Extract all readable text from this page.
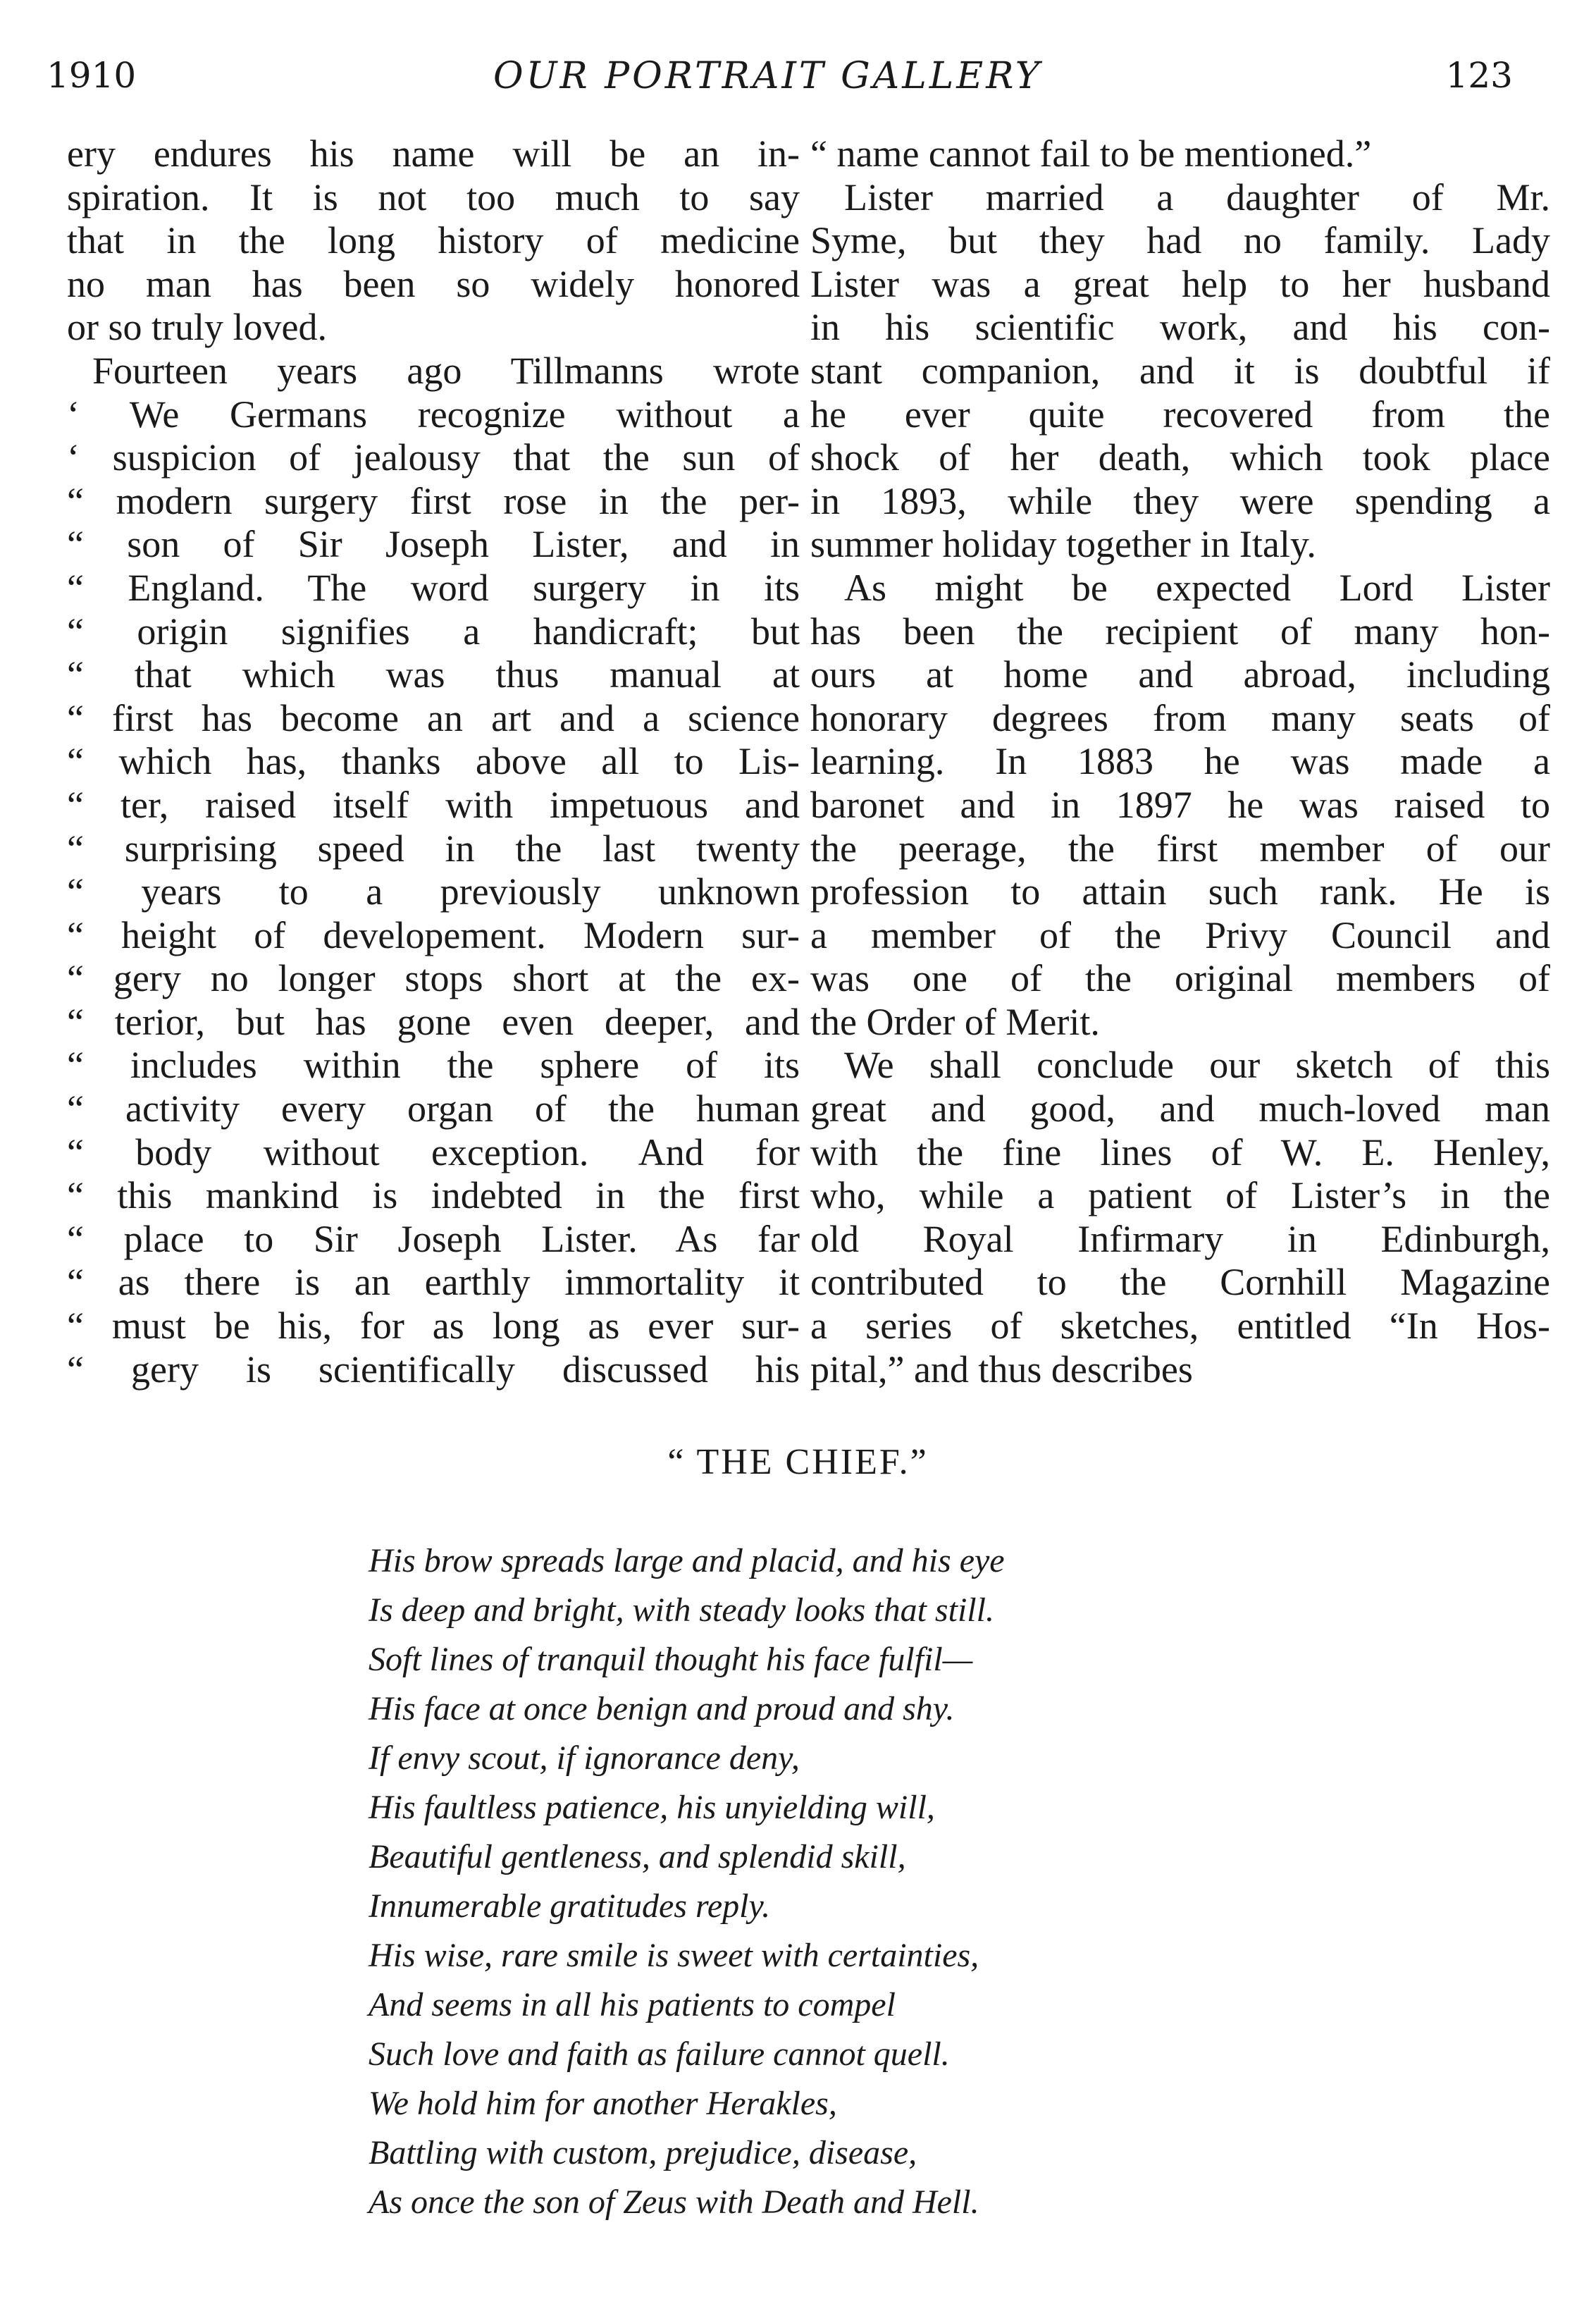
1910	OUR PORTRAIT GALLERY	123
ery endures his name will be an in-
spiration. It is not too much to say
that in the long history of medicine
no man has been so widely honored
or so truly loved.
Fourteen years ago Tillmanns wrote
‘ We Germans recognize without a
‘ suspicion of jealousy that the sun of
“ modern surgery first rose in the per-
“ son of Sir Joseph Lister, and in
“ England. The word surgery in its
“ origin signifies a handicraft; but
“ that which was thus manual at
“ first has become an art and a science
“ which has, thanks above all to Lis-
“ ter, raised itself with impetuous and
“ surprising speed in the last twenty
“ years to a previously unknown
“ height of developement. Modern sur-
“ gery no longer stops short at the ex-
“ terior, but has gone even deeper, and
“ includes within the sphere of its
“ activity every organ of the human
“ body without exception. And for
“ this mankind is indebted in the first
“ place to Sir Joseph Lister. As far
“ as there is an earthly immortality it
“ must be his, for as long as ever sur-
“ gery is scientifically discussed his
“ name cannot fail to be mentioned.”
Lister married a daughter of Mr.
Syme, but they had no family. Lady
Lister was a great help to her husband
in his scientific work, and his con-
stant companion, and it is doubtful if
he ever quite recovered from the
shock of her death, which took place
in 1893, while they were spending a
summer holiday together in Italy.
As might be expected Lord Lister
has been the recipient of many hon-
ours at home and abroad, including
honorary degrees from many seats of
learning. In 1883 he was made a
baronet and in 1897 he was raised to
the peerage, the first member of our
profession to attain such rank. He is
a member of the Privy Council and
was one of the original members of
the Order of Merit.
We shall conclude our sketch of this
great and good, and much-loved man
with the fine lines of W. E. Henley,
who, while a patient of Lister’s in the
old Royal Infirmary in Edinburgh,
contributed to the Cornhill Magazine
a series of sketches, entitled “In Hos-
pital,” and thus describes
“ THE CHIEF.”
His brow spreads large and placid, and his eye
Is deep and bright, with steady looks that still.
Soft lines of tranquil thought his face fulfil—
His face at once benign and proud and shy.
If envy scout, if ignorance deny,
His faultless patience, his unyielding will,
Beautiful gentleness, and splendid skill,
Innumerable gratitudes reply.
His wise, rare smile is sweet with certainties,
And seems in all his patients to compel
Such love and faith as failure cannot quell.
We hold him for another Herakles,
Battling with custom, prejudice, disease,
As once the son of Zeus with Death and Hell.
